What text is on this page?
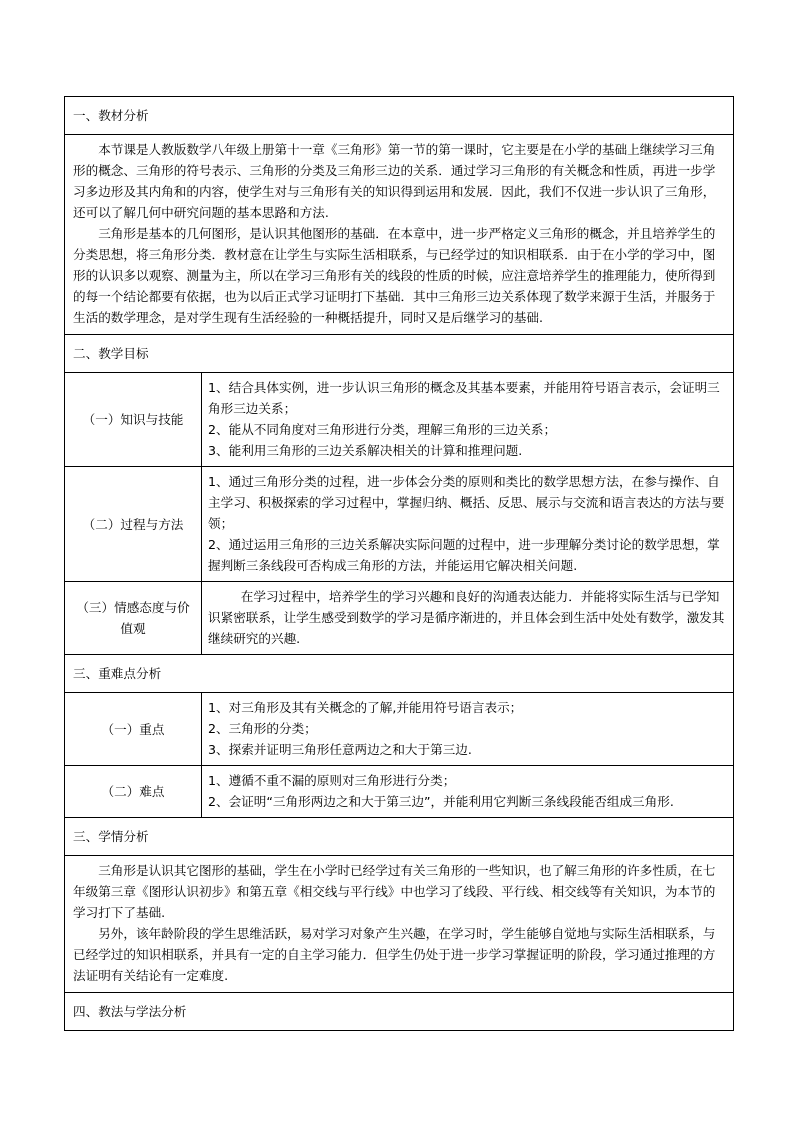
一、教材分析	

本节课是人教版数学八年级上册第十一章《三角形》第一节的第一课时，它主要是在小学的基础上继续学习三角形的概念、三角形的符号表示、三角形的分类及三角形三边的关系．通过学习三角形的有关概念和性质，再进一步学习多边形及其内角和的内容，使学生对与三角形有关的知识得到运用和发展．因此，我们不仅进一步认识了三角形，还可以了解几何中研究问题的基本思路和方法.

三角形是基本的几何图形，是认识其他图形的基础．在本章中，进一步严格定义三角形的概念，并且培养学生的分类思想，将三角形分类．教材意在让学生与实际生活相联系，与已经学过的知识相联系．由于在小学的学习中，图形的认识多以观察、测量为主，所以在学习三角形有关的线段的性质的时候，应注意培养学生的推理能力，使所得到的每一个结论都要有依据，也为以后正式学习证明打下基础．其中三角形三边关系体现了数学来源于生活，并服务于生活的数学理念，是对学生现有生活经验的一种概括提升，同时又是后继学习的基础.	

二、教学目标	
（一）知识与技能	1、结合具体实例，进一步认识三角形的概念及其基本要素，并能用符号语言表示，会证明三角形三边关系；

2、能从不同角度对三角形进行分类，理解三角形的三边关系；

3、能利用三角形的三边关系解决相关的计算和推理问题.

（二）过程与方法	1、通过三角形分类的过程，进一步体会分类的原则和类比的数学思想方法，在参与操作、自主学习、积极探索的学习过程中，掌握归纳、概括、反思、展示与交流和语言表达的方法与要领；

2、通过运用三角形的三边关系解决实际问题的过程中，进一步理解分类讨论的数学思想，掌握判断三条线段可否构成三角形的方法，并能运用它解决相关问题.

（三）情感态度与价值观	在学习过程中，培养学生的学习兴趣和良好的沟通表达能力．并能将实际生活与已学知识紧密联系，让学生感受到数学的学习是循序渐进的，并且体会到生活中处处有数学，激发其继续研究的兴趣.

三、重难点分析	
（一）重点	1、对三角形及其有关概念的了解,并能用符号语言表示；

2、三角形的分类；

3、探索并证明三角形任意两边之和大于第三边.

（二）难点	1、遵循不重不漏的原则对三角形进行分类；

2、会证明“三角形两边之和大于第三边”，并能利用它判断三条线段能否组成三角形.

三、学情分析	

三角形是认识其它图形的基础，学生在小学时已经学过有关三角形的一些知识，也了解三角形的许多性质，在七年级第三章《图形认识初步》和第五章《相交线与平行线》中也学习了线段、平行线、相交线等有关知识，为本节的学习打下了基础.

另外，该年龄阶段的学生思维活跃，易对学习对象产生兴趣，在学习时，学生能够自觉地与实际生活相联系，与已经学过的知识相联系，并具有一定的自主学习能力．但学生仍处于进一步学习掌握证明的阶段，学习通过推理的方法证明有关结论有一定难度.	

四、教法与学法分析	
